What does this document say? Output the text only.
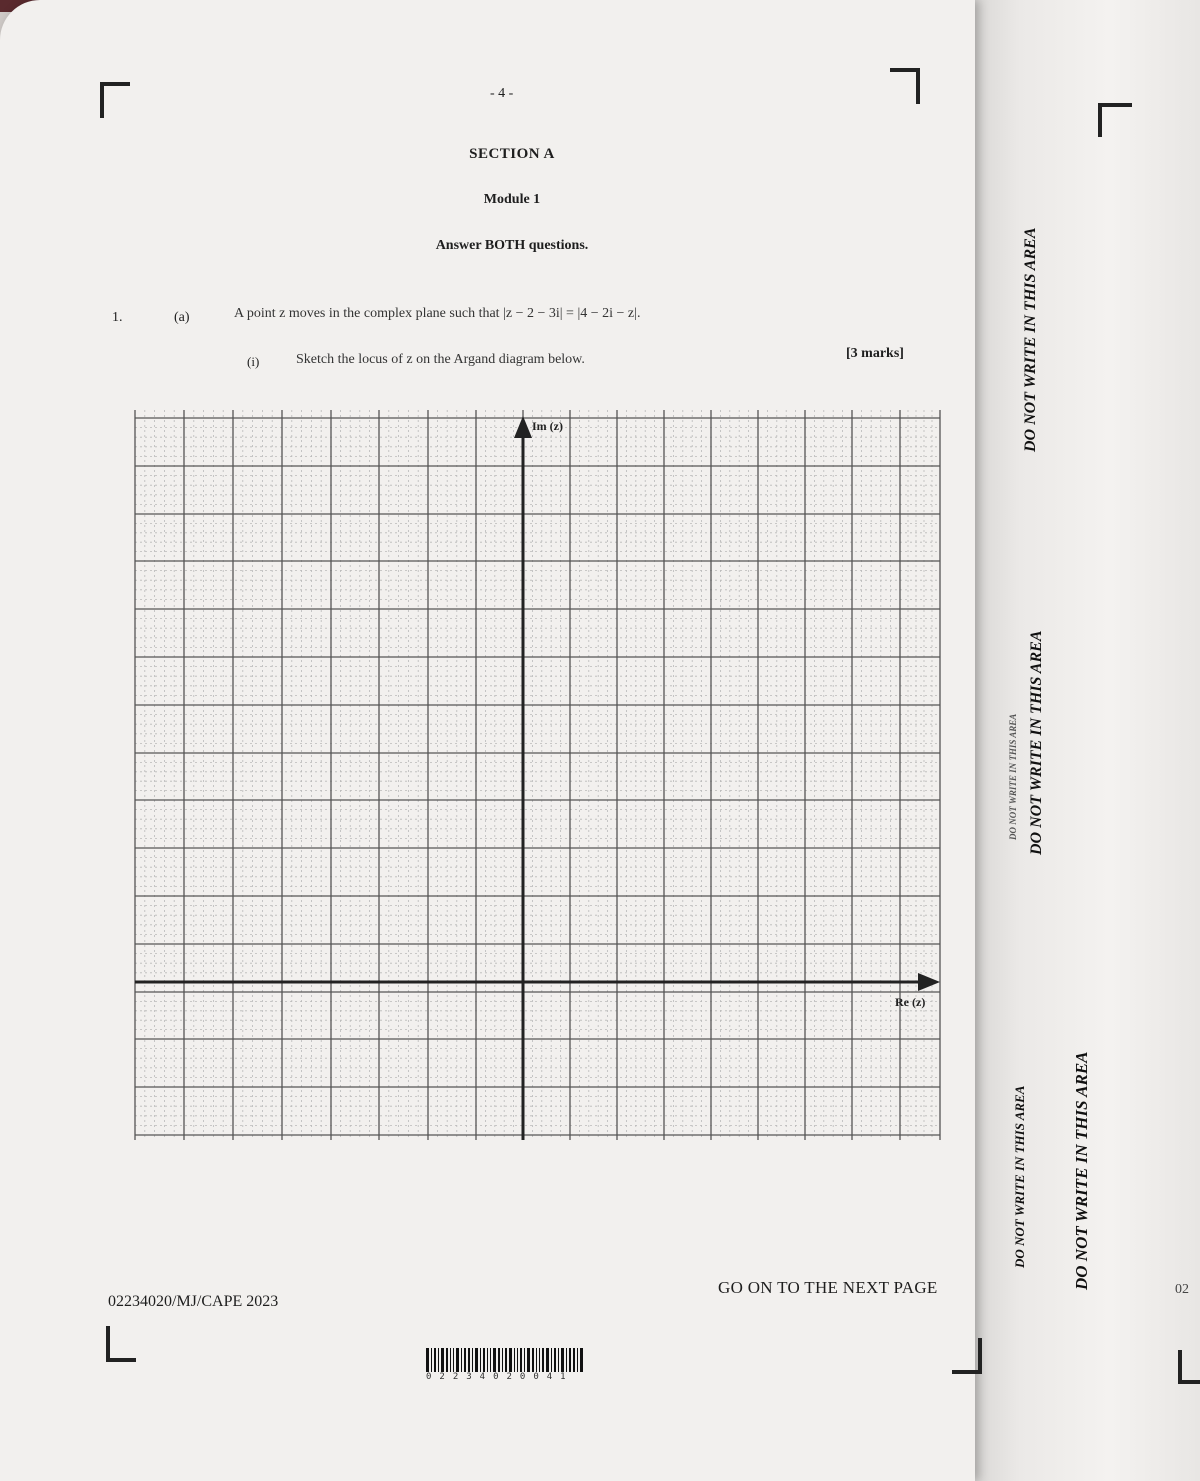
- 4 -
SECTION A
Module 1
Answer BOTH questions.
1.	(a)	A point z moves in the complex plane such that |z − 2 − 3i| = |4 − 2i − z|.
(i)	Sketch the locus of z on the Argand diagram below.	[3 marks]
Im (z)
Re (z)
02234020/MJ/CAPE 2023
GO ON TO THE NEXT PAGE
02234020041
DO NOT WRITE IN THIS AREA
DO NOT WRITE IN THIS AREA
DO NOT WRITE IN THIS AREA	DO NOT WRITE IN THIS AREA
DO NOT WRITE IN THIS AREA
02
